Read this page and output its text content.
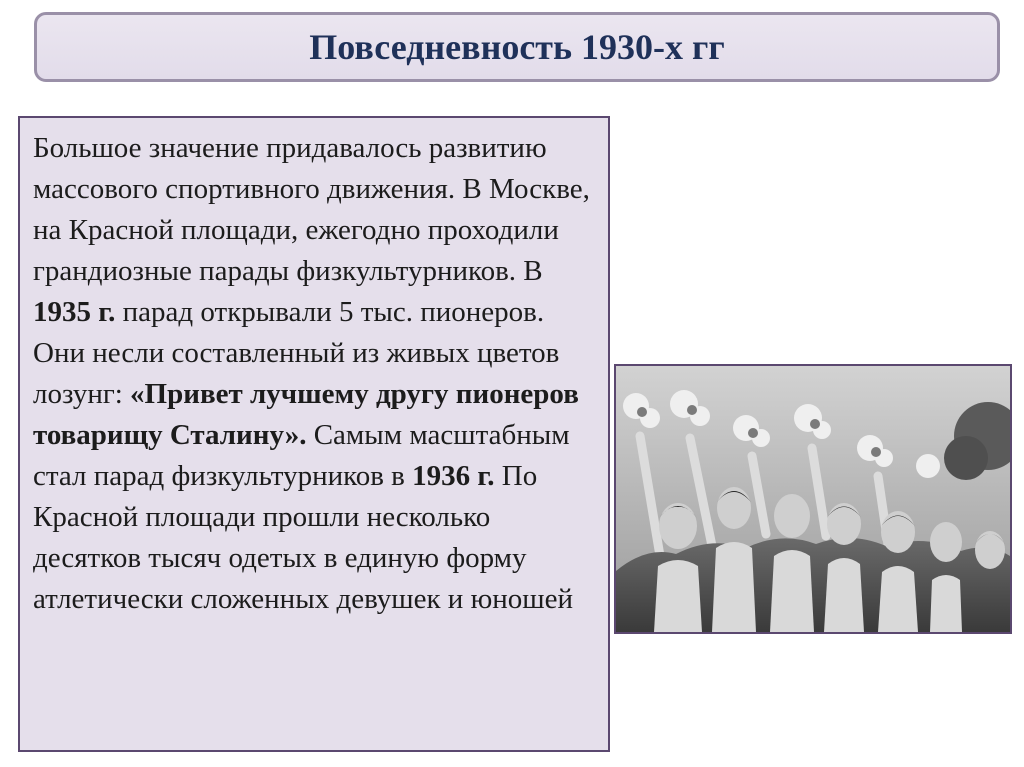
Повседневность 1930-х гг

Большое значение придавалось развитию массового спортивного движения. В Москве, на Красной площади, ежегодно проходили грандиозные парады физкультурников. В 1935 г. парад открывали 5 тыс. пионеров. Они несли составленный из живых цветов лозунг: «Привет лучшему другу пионеров товарищу Сталину». Самым масштабным стал парад физкультурников в 1936 г. По Красной площади прошли несколько десятков тысяч одетых в единую форму атлетически сложенных девушек и юношей
